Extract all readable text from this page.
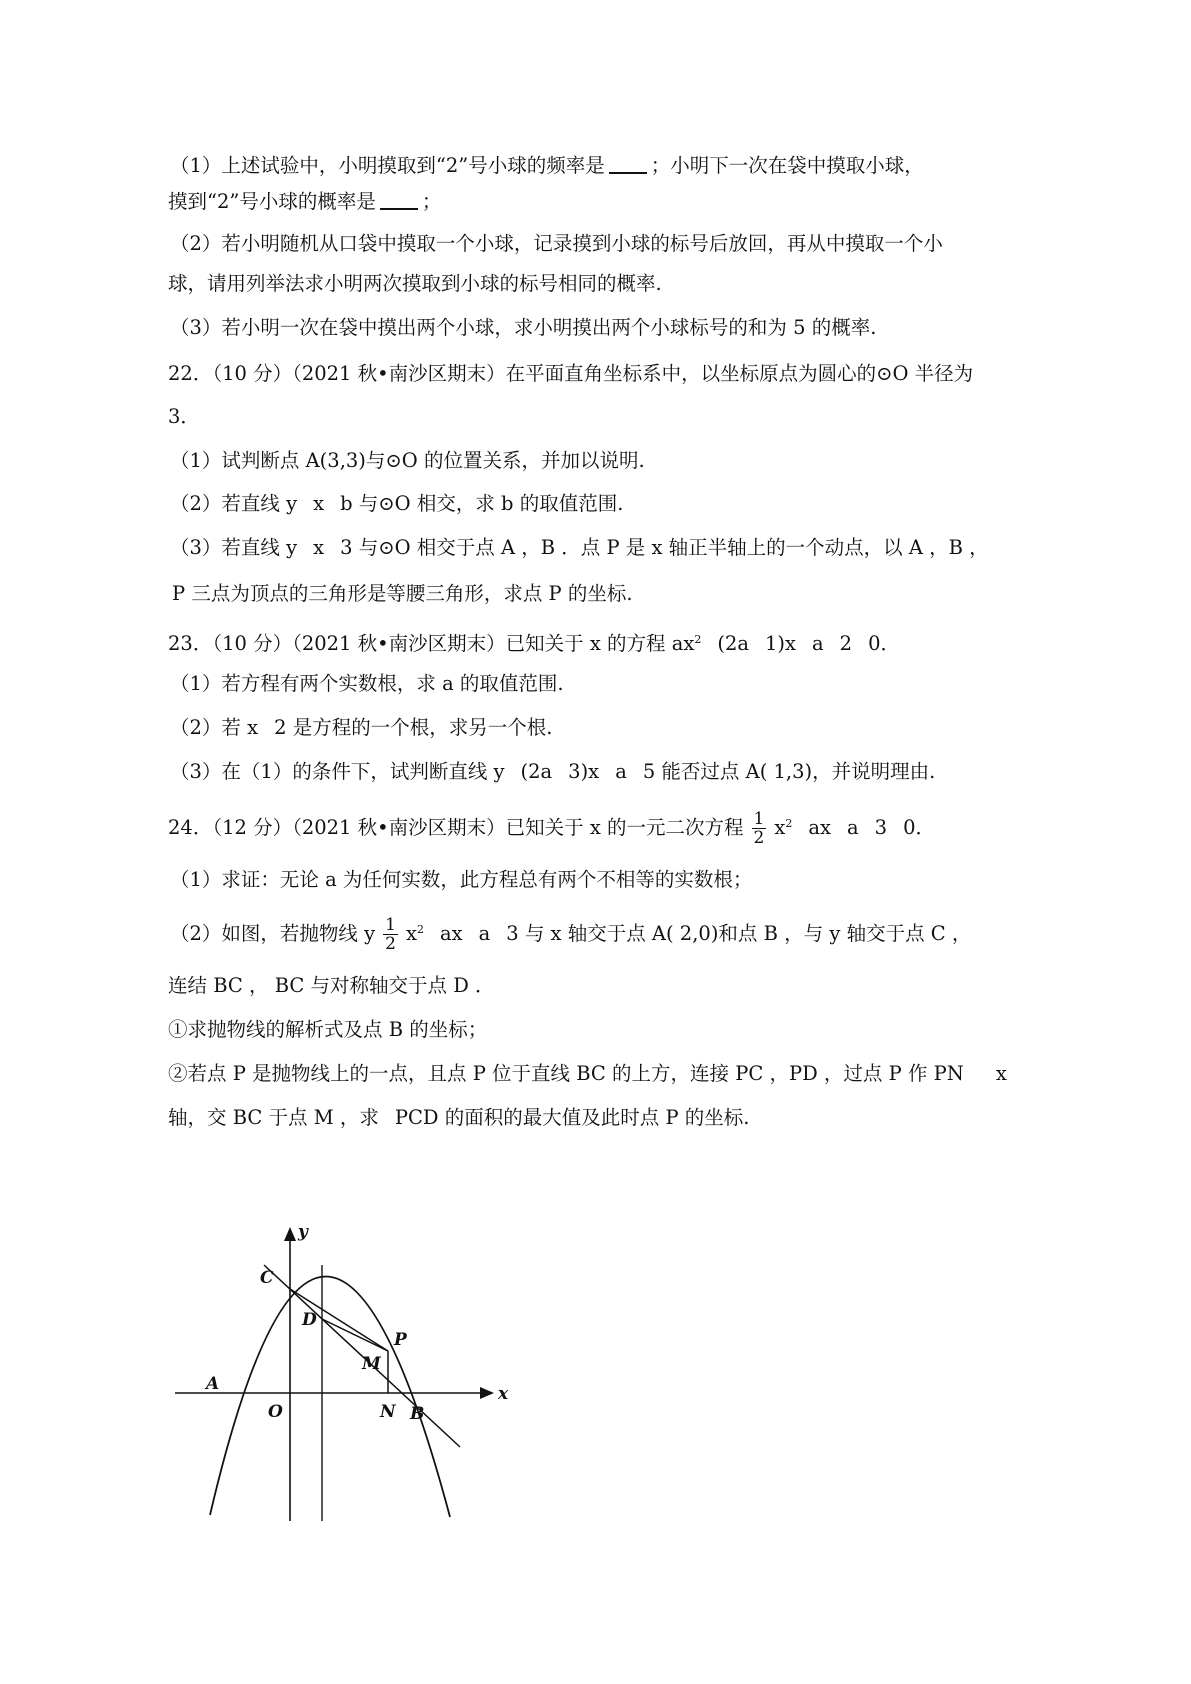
（1）上述试验中，小明摸取到“2”号小球的频率是 ；小明下一次在袋中摸取小球，
摸到“2”号小球的概率是 ；
（2）若小明随机从口袋中摸取一个小球，记录摸到小球的标号后放回，再从中摸取一个小
球，请用列举法求小明两次摸取到小球的标号相同的概率.
（3）若小明一次在袋中摸出两个小球，求小明摸出两个小球标号的和为 5 的概率.
22．（10 分）（2021 秋•南沙区期末）在平面直角坐标系中，以坐标原点为圆心的⊙O 半径为
3．
（1）试判断点 A(3,3)与⊙O 的位置关系，并加以说明.
（2）若直线 y x b 与⊙O 相交，求 b 的取值范围.
（3）若直线 y x 3 与⊙O 相交于点 A ，B ．点 P 是 x 轴正半轴上的一个动点，以 A ，B ，
P 三点为顶点的三角形是等腰三角形，求点 P 的坐标.
23．（10 分）（2021 秋•南沙区期末）已知关于 x 的方程 $ax^2$ (2a 1)x a 2 0．
（1）若方程有两个实数根，求 a 的取值范围.
（2）若 x 2 是方程的一个根，求另一个根.
（3）在（1）的条件下，试判断直线 y (2a 3)x a 5 能否过点 A( 1,3)，并说明理由.
24．（12 分）（2021 秋•南沙区期末）已知关于 x 的一元二次方程 $\frac{1}{2} x^2$ ax a 3 0．
（1）求证：无论 a 为任何实数，此方程总有两个不相等的实数根；
（2）如图，若抛物线 y $\frac{1}{2} x^2$ ax a 3 与 x 轴交于点 A( 2,0)和点 B ，与 y 轴交于点 C ，
连结 BC ， BC 与对称轴交于点 D ．
①求抛物线的解析式及点 B 的坐标；
②若点 P 是抛物线上的一点，且点 P 位于直线 BC 的上方，连接 PC ，PD ，过点 P 作 PN x
轴，交 BC 于点 M ，求 PCD 的面积的最大值及此时点 P 的坐标.
x
y
C
D
P
M
A
O	N B
